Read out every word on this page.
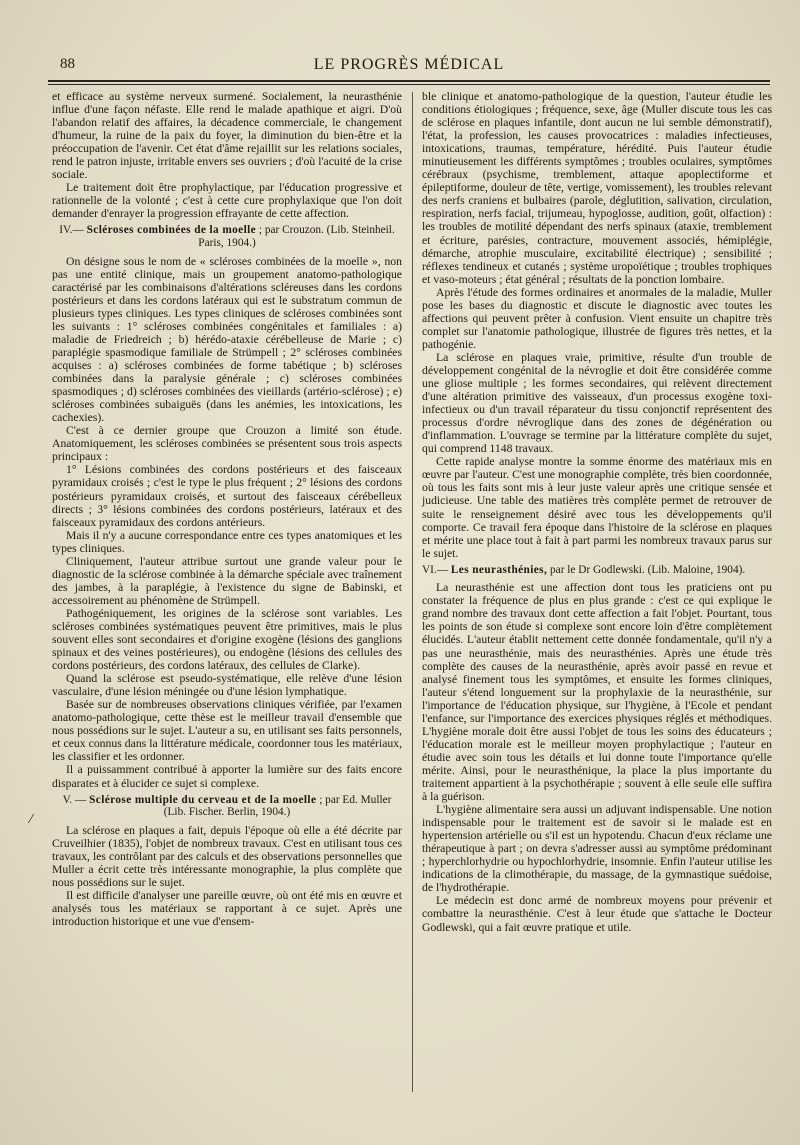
88	LE PROGRÈS MÉDICAL
⁄

et efficace au système nerveux surmené. Socialement, la neurasthénie influe d'une façon néfaste. Elle rend le malade apathique et aigri. D'où l'abandon relatif des affaires, la décadence commerciale, le changement d'humeur, la ruine de la paix du foyer, la diminution du bien-être et la préoccupation de l'avenir. Cet état d'âme rejaillit sur les relations sociales, rend le patron injuste, irritable envers ses ouvriers ; d'où l'acuité de la crise sociale.

Le traitement doit être prophylactique, par l'éducation progressive et rationnelle de la volonté ; c'est à cette cure prophylaxique que l'on doit demander d'enrayer la progression effrayante de cette affection.

IV.— Scléroses combinées de la moelle ; par Crouzon. (Lib. Steinheil. Paris, 1904.)

On désigne sous le nom de « scléroses combinées de la moelle », non pas une entité clinique, mais un groupement anatomo-pathologique caractérisé par les combinaisons d'altérations scléreuses dans les cordons postérieurs et dans les cordons latéraux qui est le substratum commun de plusieurs types cliniques. Les types cliniques de scléroses combinées sont les suivants : 1° scléroses combinées congénitales et familiales : a) maladie de Friedreich ; b) hérédo-ataxie cérébelleuse de Marie ; c) paraplégie spasmodique familiale de Strümpell ; 2° scléroses combinées acquises : a) scléroses combinées de forme tabétique ; b) scléroses combinées dans la paralysie générale ; c) scléroses combinées spasmodiques ; d) scléroses combinées des vieillards (artério-sclérose) ; e) scléroses combinées subaiguës (dans les anémies, les intoxications, les cachexies).

C'est à ce dernier groupe que Crouzon a limité son étude. Anatomiquement, les scléroses combinées se présentent sous trois aspects principaux :

1° Lésions combinées des cordons postérieurs et des faisceaux pyramidaux croisés ; c'est le type le plus fréquent ; 2° lésions des cordons postérieurs pyramidaux croisés, et surtout des faisceaux cérébelleux directs ; 3° lésions combinées des cordons postérieurs, latéraux et des faisceaux pyramidaux des cordons antérieurs.

Mais il n'y a aucune correspondance entre ces types anatomiques et les types cliniques.

Cliniquement, l'auteur attribue surtout une grande valeur pour le diagnostic de la sclérose combinée à la démarche spéciale avec traînement des jambes, à la paraplégie, à l'existence du signe de Babinski, et accessoirement au phénomène de Strümpell.

Pathogéniquement, les origines de la sclérose sont variables. Les scléroses combinées systématiques peuvent être primitives, mais le plus souvent elles sont secondaires et d'origine exogène (lésions des ganglions spinaux et des veines postérieures), ou endogène (lésions des cellules des cordons postérieurs, des cordons latéraux, des cellules de Clarke).

Quand la sclérose est pseudo-systématique, elle relève d'une lésion vasculaire, d'une lésion méningée ou d'une lésion lymphatique.

Basée sur de nombreuses observations cliniques vérifiée, par l'examen anatomo-pathologique, cette thèse est le meilleur travail d'ensemble que nous possédions sur le sujet. L'auteur a su, en utilisant ses faits personnels, et ceux connus dans la littérature médicale, coordonner tous les matériaux, les classifier et les ordonner.

Il a puissamment contribué à apporter la lumière sur des faits encore disparates et à élucider ce sujet si complexe.

V. — Sclérose multiple du cerveau et de la moelle ; par Ed. Muller (Lib. Fischer. Berlin, 1904.)

La sclérose en plaques a fait, depuis l'époque où elle a été décrite par Cruveilhier (1835), l'objet de nombreux travaux. C'est en utilisant tous ces travaux, les contrôlant par des calculs et des observations personnelles que Muller a écrit cette très intéressante monographie, la plus complète que nous possédions sur le sujet.

Il est difficile d'analyser une pareille œuvre, où ont été mis en œuvre et analysés tous les matériaux se rapportant à ce sujet. Après une introduction historique et une vue d'ensem-

ble clinique et anatomo-pathologique de la question, l'auteur étudie les conditions étiologiques ; fréquence, sexe, âge (Muller discute tous les cas de sclérose en plaques infantile, dont aucun ne lui semble démonstratif), l'état, la profession, les causes provocatrices : maladies infectieuses, intoxications, traumas, température, hérédité. Puis l'auteur étudie minutieusement les différents symptômes ; troubles oculaires, symptômes cérébraux (psychisme, tremblement, attaque apoplectiforme et épileptiforme, douleur de tête, vertige, vomissement), les troubles relevant des nerfs craniens et bulbaires (parole, déglutition, salivation, circulation, respiration, nerfs facial, trijumeau, hypoglosse, audition, goût, olfaction) : les troubles de motilité dépendant des nerfs spinaux (ataxie, tremblement et écriture, parésies, contracture, mouvement associés, hémiplégie, démarche, atrophie musculaire, excitabilité électrique) ; sensibilité ; réflexes tendineux et cutanés ; système uropoïétique ; troubles trophiques et vaso-moteurs ; état général ; résultats de la ponction lombaire.

Après l'étude des formes ordinaires et anormales de la maladie, Muller pose les bases du diagnostic et discute le diagnostic avec toutes les affections qui peuvent prêter à confusion. Vient ensuite un chapitre très complet sur l'anatomie pathologique, illustrée de figures très nettes, et la pathogénie.

La sclérose en plaques vraie, primitive, résulte d'un trouble de développement congénital de la névroglie et doit être considérée comme une gliose multiple ; les formes secondaires, qui relèvent directement d'une altération primitive des vaisseaux, d'un processus exogène toxi-infectieux ou d'un travail réparateur du tissu conjonctif représentent des processus d'ordre névroglique dans des zones de dégénération ou d'inflammation. L'ouvrage se termine par la littérature complète du sujet, qui comprend 1148 travaux.

Cette rapide analyse montre la somme énorme des matériaux mis en œuvre par l'auteur. C'est une monographie complète, très bien coordonnée, où tous les faits sont mis à leur juste valeur après une critique sensée et judicieuse. Une table des matières très complète permet de retrouver de suite le renseignement désiré avec tous les développements qu'il comporte. Ce travail fera époque dans l'histoire de la sclérose en plaques et mérite une place tout à fait à part parmi les nombreux travaux parus sur le sujet.

VI.— Les neurasthénies, par le Dr Godlewski. (Lib. Maloine, 1904).

La neurasthénie est une affection dont tous les praticiens ont pu constater la fréquence de plus en plus grande : c'est ce qui explique le grand nombre des travaux dont cette affection a fait l'objet. Pourtant, tous les points de son étude si complexe sont encore loin d'être complètement élucidés. L'auteur établit nettement cette donnée fondamentale, qu'il n'y a pas une neurasthénie, mais des neurasthénies. Après une étude très complète des causes de la neurasthénie, après avoir passé en revue et analysé finement tous les symptômes, et ensuite les formes cliniques, l'auteur s'étend longuement sur la prophylaxie de la neurasthénie, sur l'importance de l'éducation physique, sur l'hygiène, à l'Ecole et pendant l'enfance, sur l'importance des exercices physiques réglés et méthodiques. L'hygiène morale doit être aussi l'objet de tous les soins des éducateurs ; l'éducation morale est le meilleur moyen prophylactique ; l'auteur en étudie avec soin tous les détails et lui donne toute l'importance qu'elle mérite. Ainsi, pour le neurasthénique, la place la plus importante du traitement appartient à la psychothérapie ; souvent à elle seule elle suffira à la guérison.

L'hygiène alimentaire sera aussi un adjuvant indispensable. Une notion indispensable pour le traitement est de savoir si le malade est en hypertension artérielle ou s'il est un hypotendu. Chacun d'eux réclame une thérapeutique à part ; on devra s'adresser aussi au symptôme prédominant ; hyperchlorhydrie ou hypochlorhydrie, insomnie. Enfin l'auteur utilise les indications de la climothérapie, du massage, de la gymnastique suédoise, de l'hydrothérapie.

Le médecin est donc armé de nombreux moyens pour prévenir et combattre la neurasthénie. C'est à leur étude que s'attache le Docteur Godlewski, qui a fait œuvre pratique et utile.
